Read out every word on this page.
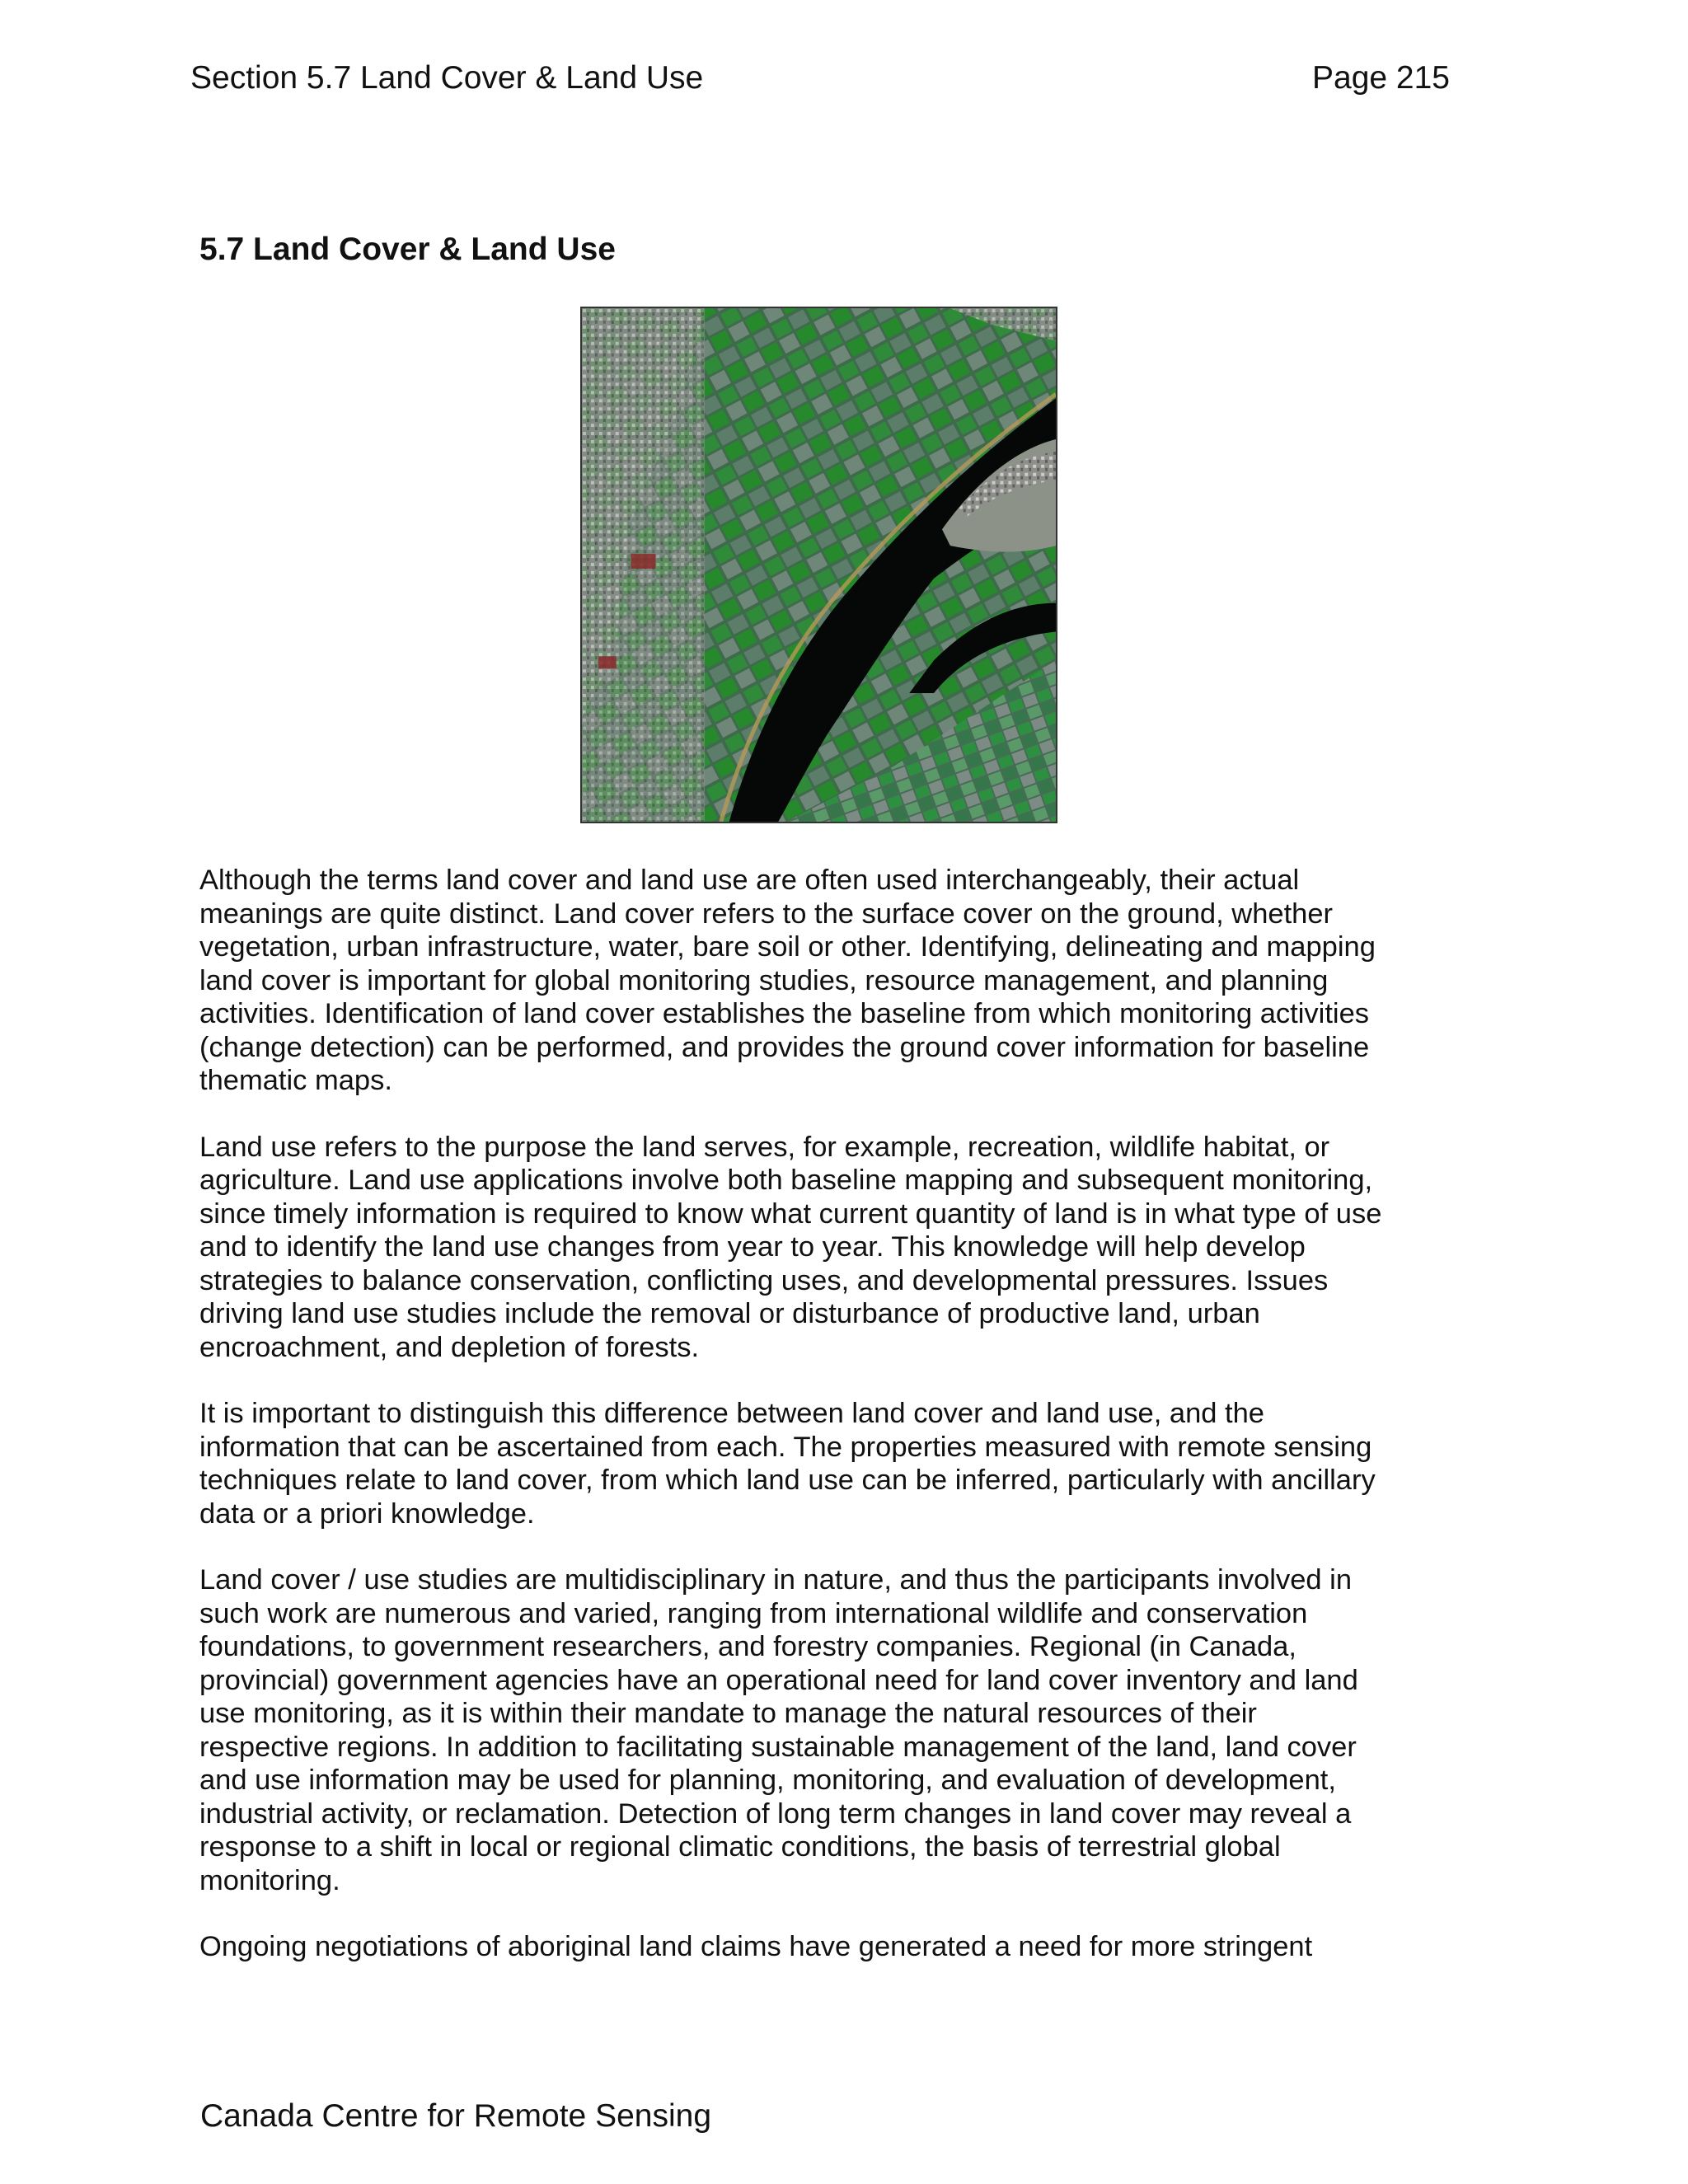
Section 5.7 Land Cover & Land Use	Page 215
5.7 Land Cover & Land Use

Although the terms land cover and land use are often used interchangeably, their actual
meanings are quite distinct. Land cover refers to the surface cover on the ground, whether
vegetation, urban infrastructure, water, bare soil or other. Identifying, delineating and mapping
land cover is important for global monitoring studies, resource management, and planning
activities. Identification of land cover establishes the baseline from which monitoring activities
(change detection) can be performed, and provides the ground cover information for baseline
thematic maps.

Land use refers to the purpose the land serves, for example, recreation, wildlife habitat, or
agriculture. Land use applications involve both baseline mapping and subsequent monitoring,
since timely information is required to know what current quantity of land is in what type of use
and to identify the land use changes from year to year. This knowledge will help develop
strategies to balance conservation, conflicting uses, and developmental pressures. Issues
driving land use studies include the removal or disturbance of productive land, urban
encroachment, and depletion of forests.

It is important to distinguish this difference between land cover and land use, and the
information that can be ascertained from each. The properties measured with remote sensing
techniques relate to land cover, from which land use can be inferred, particularly with ancillary
data or a priori knowledge.

Land cover / use studies are multidisciplinary in nature, and thus the participants involved in
such work are numerous and varied, ranging from international wildlife and conservation
foundations, to government researchers, and forestry companies. Regional (in Canada,
provincial) government agencies have an operational need for land cover inventory and land
use monitoring, as it is within their mandate to manage the natural resources of their
respective regions. In addition to facilitating sustainable management of the land, land cover
and use information may be used for planning, monitoring, and evaluation of development,
industrial activity, or reclamation. Detection of long term changes in land cover may reveal a
response to a shift in local or regional climatic conditions, the basis of terrestrial global
monitoring.

Ongoing negotiations of aboriginal land claims have generated a need for more stringent

Canada Centre for Remote Sensing
